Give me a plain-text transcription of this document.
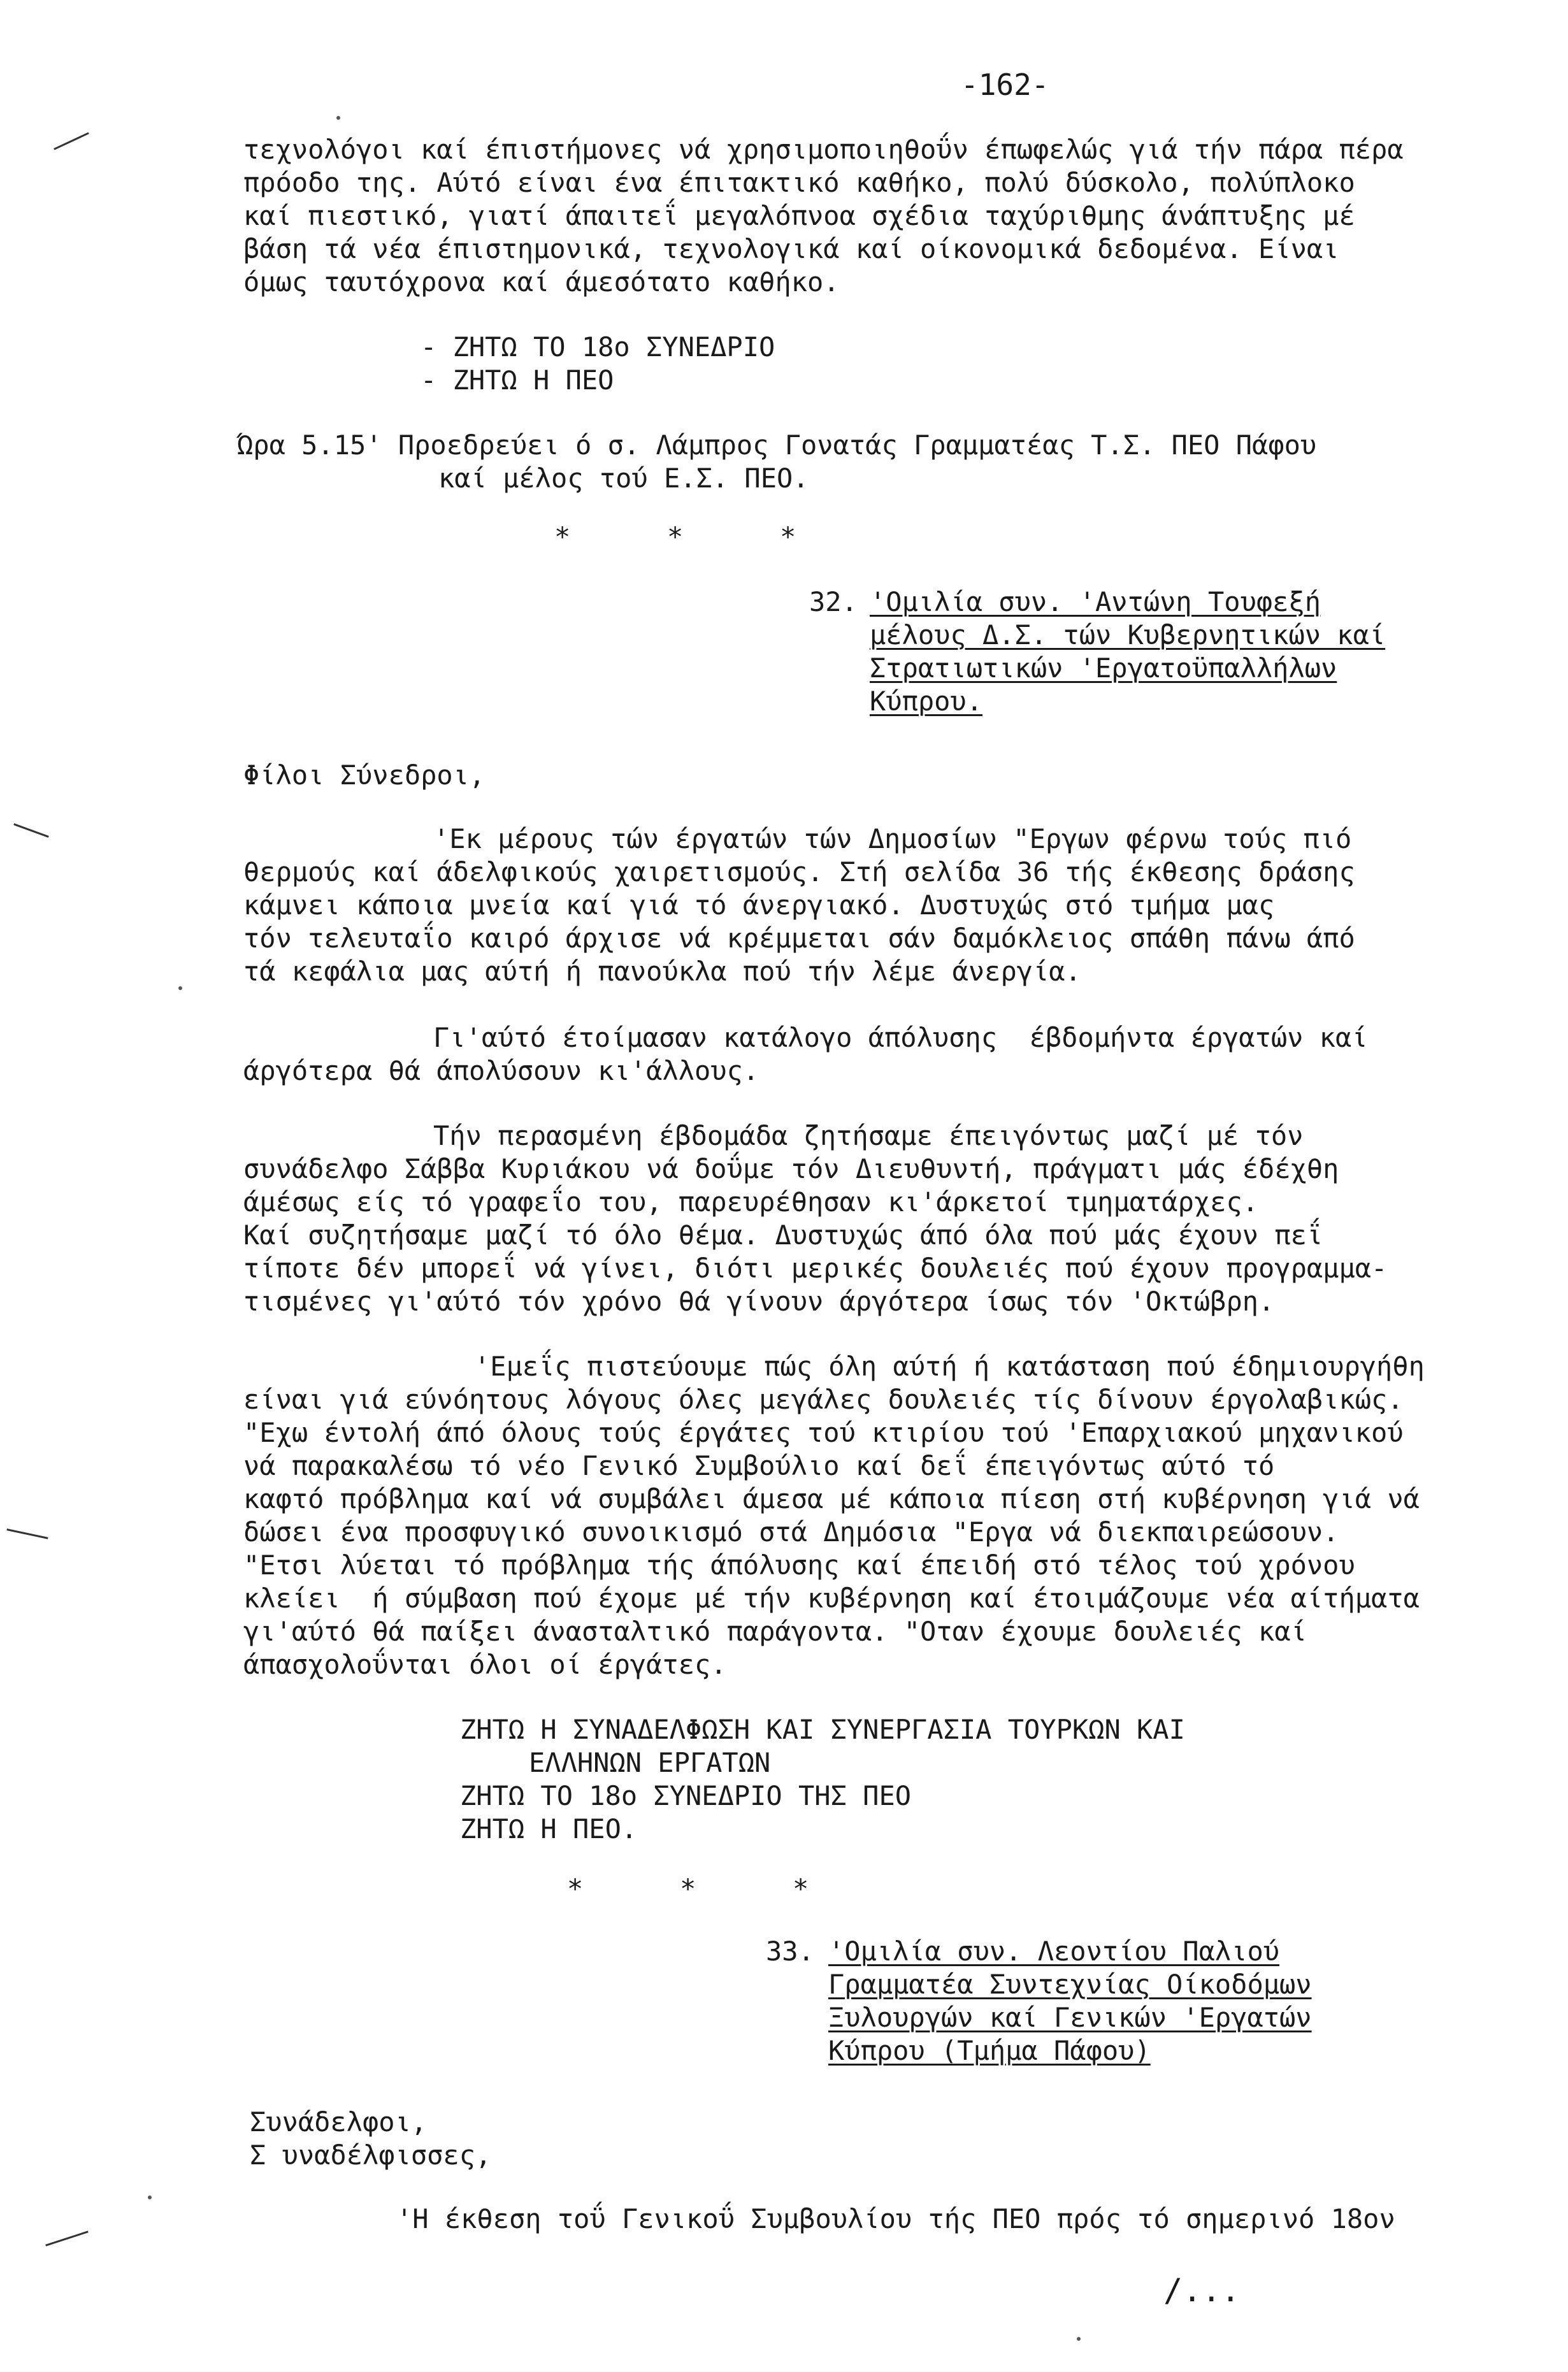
-162-
τεχνολόγοι καί έπιστήμονες νά χρησιμοποιηθοΰν έπωφελώς γιά τήν πάρα πέρα
πρόοδο της. Αύτό είναι ένα έπιτακτικό καθήκο, πολύ δύσκολο, πολύπλοκο
καί πιεστικό, γιατί άπαιτεΐ μεγαλόπνοα σχέδια ταχύριθμης άνάπτυξης μέ
βάση τά νέα έπιστημονικά, τεχνολογικά καί οίκονομικά δεδομένα. Είναι
όμως ταυτόχρονα καί άμεσότατο καθήκο.
- ΖΗΤΩ ΤΟ 18ο ΣΥΝΕΔΡΙΟ
- ΖΗΤΩ Η ΠΕΟ
Ώρα 5.15' Προεδρεύει ό σ. Λάμπρος Γονατάς Γραμματέας Τ.Σ. ΠΕΟ Πάφου
καί μέλος τού Ε.Σ. ΠΕΟ.
*      *      *
32. 'Ομιλία συν. 'Αντώνη Τουφεξή
μέλους Δ.Σ. τών Κυβερνητικών καί
Στρατιωτικών 'Εργατοϋπαλλήλων
Κύπρου.
Φίλοι Σύνεδροι,
'Εκ μέρους τών έργατών τών Δημοσίων "Εργων φέρνω τούς πιό
θερμούς καί άδελφικούς χαιρετισμούς. Στή σελίδα 36 τής έκθεσης δράσης
κάμνει κάποια μνεία καί γιά τό άνεργιακό. Δυστυχώς στό τμήμα μας
τόν τελευταΐο καιρό άρχισε νά κρέμμεται σάν δαμόκλειος σπάθη πάνω άπό
τά κεφάλια μας αύτή ή πανούκλα πού τήν λέμε άνεργία.
Γι'αύτό έτοίμασαν κατάλογο άπόλυσης  έβδομήντα έργατών καί
άργότερα θά άπολύσουν κι'άλλους.
Τήν περασμένη έβδομάδα ζητήσαμε έπειγόντως μαζί μέ τόν
συνάδελφο Σάββα Κυριάκου νά δοΰμε τόν Διευθυντή, πράγματι μάς έδέχθη
άμέσως είς τό γραφεΐο του, παρευρέθησαν κι'άρκετοί τμηματάρχες.
Καί συζητήσαμε μαζί τό όλο θέμα. Δυστυχώς άπό όλα πού μάς έχουν πεΐ
τίποτε δέν μπορεΐ νά γίνει, διότι μερικές δουλειές πού έχουν προγραμμα-
τισμένες γι'αύτό τόν χρόνο θά γίνουν άργότερα ίσως τόν 'Οκτώβρη.
'Εμεΐς πιστεύουμε πώς όλη αύτή ή κατάσταση πού έδημιουργήθη
είναι γιά εύνόητους λόγους όλες μεγάλες δουλειές τίς δίνουν έργολαβικώς.
"Εχω έντολή άπό όλους τούς έργάτες τού κτιρίου τού 'Επαρχιακού μηχανικού
νά παρακαλέσω τό νέο Γενικό Συμβούλιο καί δεΐ έπειγόντως αύτό τό
καφτό πρόβλημα καί νά συμβάλει άμεσα μέ κάποια πίεση στή κυβέρνηση γιά νά
δώσει ένα προσφυγικό συνοικισμό στά Δημόσια "Εργα νά διεκπαιρεώσουν.
"Ετσι λύεται τό πρόβλημα τής άπόλυσης καί έπειδή στό τέλος τού χρόνου
κλείει  ή σύμβαση πού έχομε μέ τήν κυβέρνηση καί έτοιμάζουμε νέα αίτήματα
γι'αύτό θά παίξει άνασταλτικό παράγοντα. "Οταν έχουμε δουλειές καί
άπασχολοΰνται όλοι οί έργάτες.
ΖΗΤΩ Η ΣΥΝΑΔΕΛΦΩΣΗ ΚΑΙ ΣΥΝΕΡΓΑΣΙΑ ΤΟΥΡΚΩΝ ΚΑΙ
ΕΛΛΗΝΩΝ ΕΡΓΑΤΩΝ
ΖΗΤΩ ΤΟ 18ο ΣΥΝΕΔΡΙΟ ΤΗΣ ΠΕΟ
ΖΗΤΩ Η ΠΕΟ.
*      *      *
33. 'Ομιλία συν. Λεοντίου Παλιού
Γραμματέα Συντεχνίας Οίκοδόμων
Ξυλουργών καί Γενικών 'Εργατών
Κύπρου (Τμήμα Πάφου)
Συνάδελφοι,
Σ υναδέλφισσες,
'Η έκθεση τοΰ Γενικοΰ Συμβουλίου τής ΠΕΟ πρός τό σημερινό 18ον
/...
